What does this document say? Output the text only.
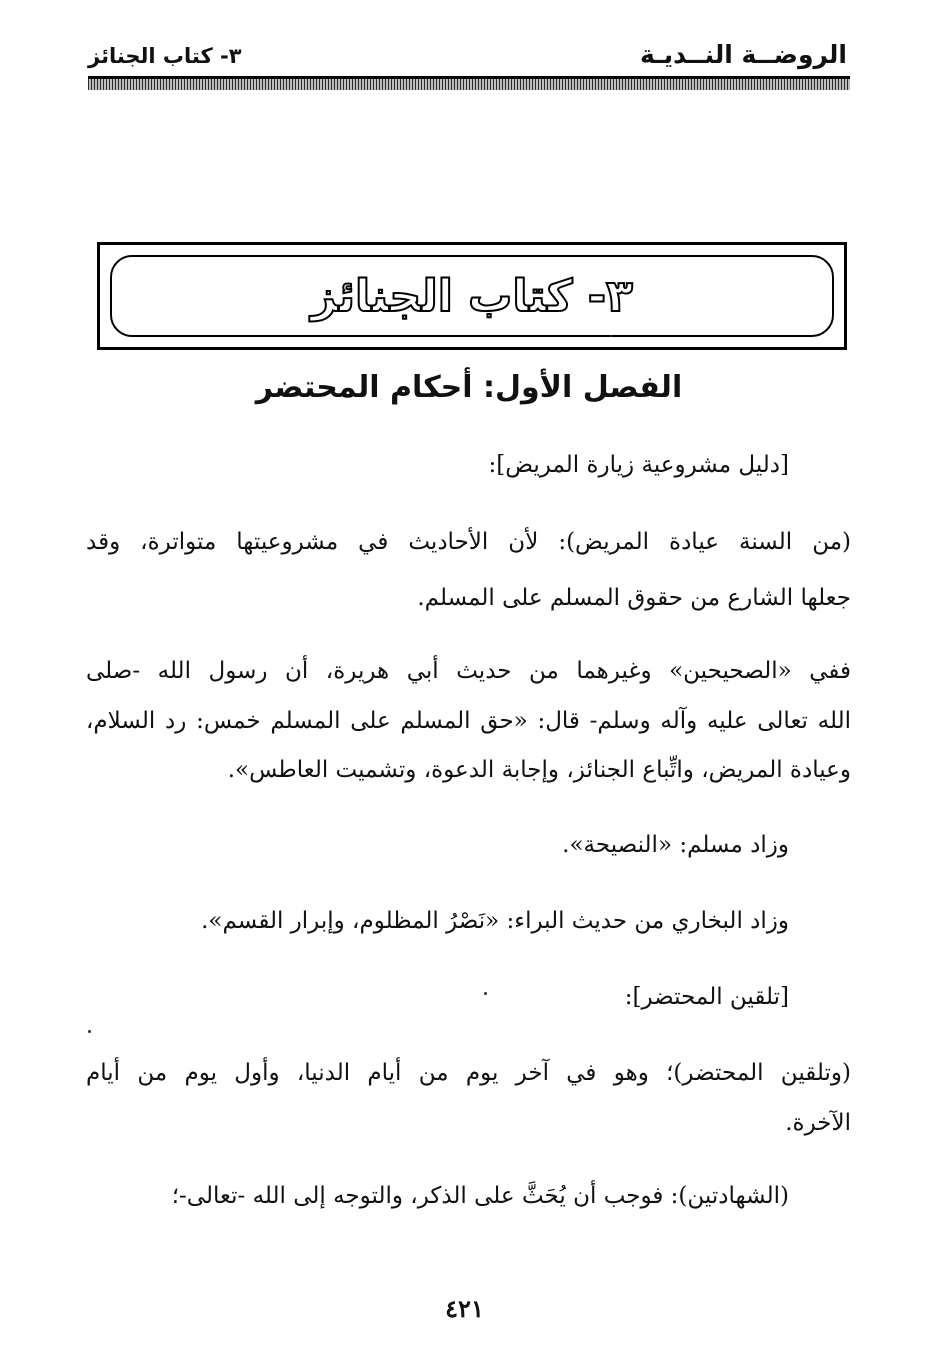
الروضــة النــديـة
٣- كتاب الجنائز
٣- كتاب الجنائز
الفصل الأول: أحكام المحتضر
[دليل مشروعية زيارة المريض]:
(من السنة عيادة المريض): لأن الأحاديث في مشروعيتها متواترة، وقد
جعلها الشارع من حقوق المسلم على المسلم.
ففي «الصحيحين» وغيرهما من حديث أبي هريرة، أن رسول الله -صلى
الله تعالى عليه وآله وسلم- قال: «حق المسلم على المسلم خمس: رد السلام،
وعيادة المريض، واتِّباع الجنائز، وإجابة الدعوة، وتشميت العاطس».
وزاد مسلم: «النصيحة».
وزاد البخاري من حديث البراء: «نَصْرُ المظلوم، وإبرار القسم».
[تلقين المحتضر]:
(وتلقين المحتضر)؛ وهو في آخر يوم من أيام الدنيا، وأول يوم من أيام
الآخرة.
(الشهادتين): فوجب أن يُحَثَّ على الذكر، والتوجه إلى الله -تعالى-؛
٤٢١
